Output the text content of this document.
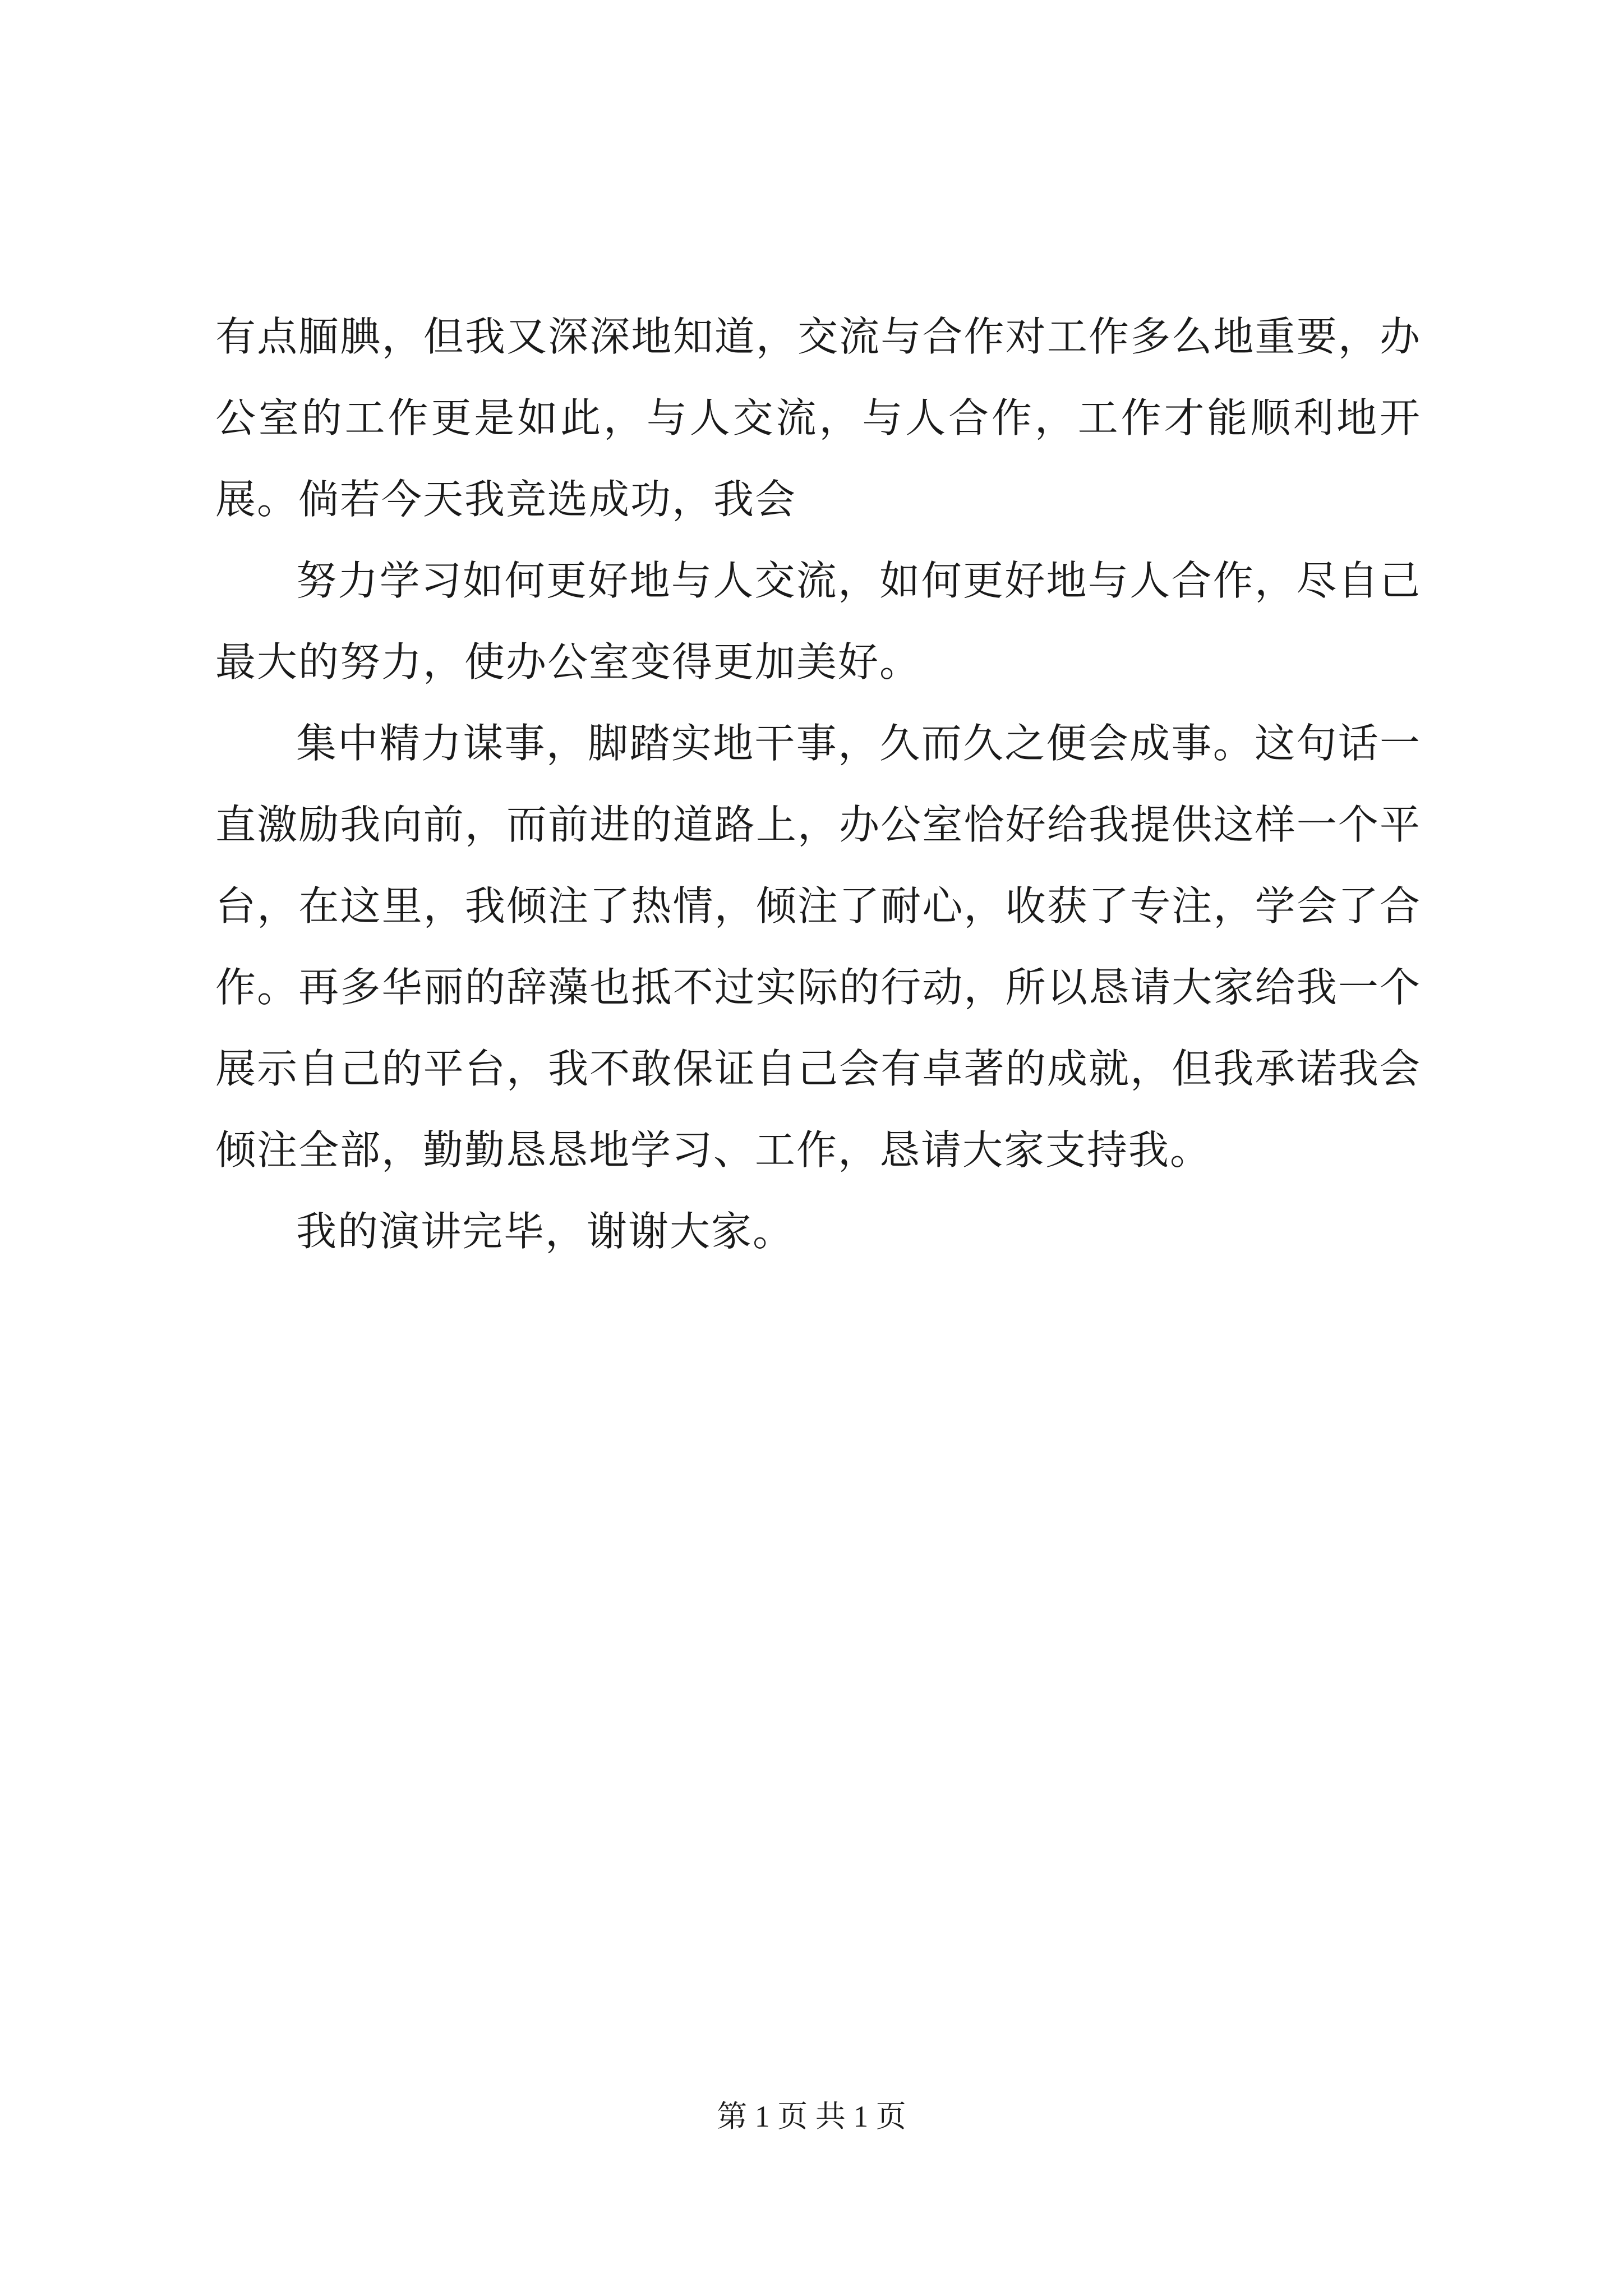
有点腼腆，但我又深深地知道，交流与合作对工作多么地重要，办公室的工作更是如此，与人交流，与人合作，工作才能顺利地开展。倘若今天我竞选成功，我会

努力学习如何更好地与人交流，如何更好地与人合作，尽自己最大的努力，使办公室变得更加美好。

集中精力谋事，脚踏实地干事，久而久之便会成事。这句话一直激励我向前，而前进的道路上，办公室恰好给我提供这样一个平台，在这里，我倾注了热情，倾注了耐心，收获了专注，学会了合作。再多华丽的辞藻也抵不过实际的行动，所以恳请大家给我一个展示自己的平台，我不敢保证自己会有卓著的成就，但我承诺我会倾注全部，勤勤恳恳地学习、工作，恳请大家支持我。

我的演讲完毕，谢谢大家。

第 1 页 共 1 页
